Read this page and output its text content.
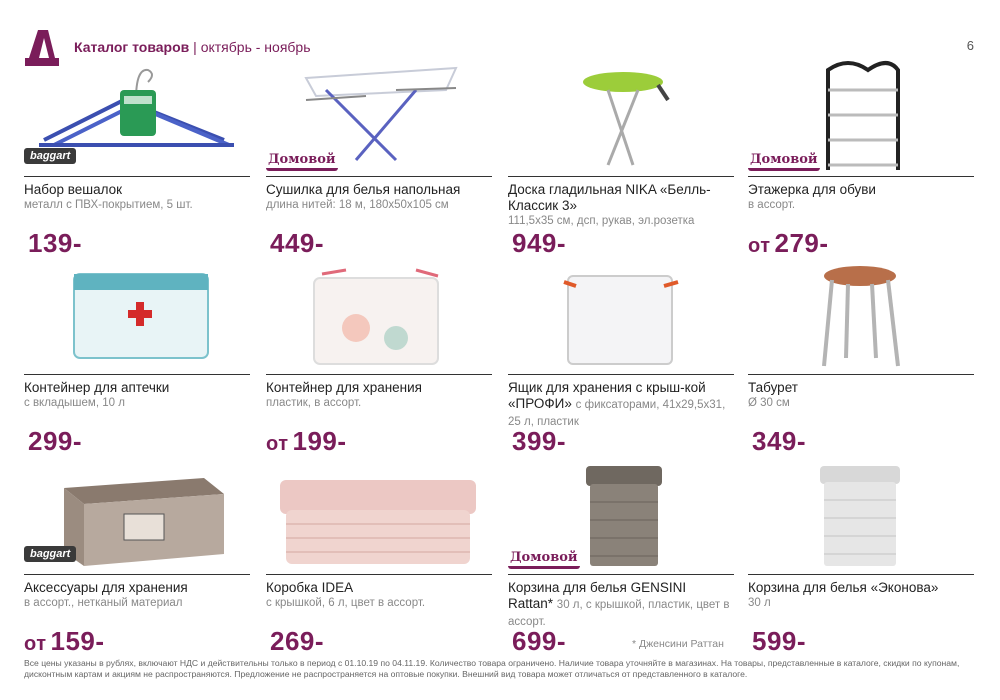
Каталог товаров | октябрь - ноябрь	6
baggart
Набор вешалок
металл с ПВХ-покрытием, 5 шт.
139-
Домовой
Сушилка для белья напольная
длина нитей: 18 м, 180х50х105 см
449-
Доска гладильная NIKA «Белль-Классик 3»
111,5х35 см, дсп, рукав, эл.розетка
949-
Домовой
Этажерка для обуви
в ассорт.
от 279-
Контейнер для аптечки
с вкладышем, 10 л
299-
Контейнер для хранения
пластик, в ассорт.
от 199-
Ящик для хранения с крыш-кой «ПРОФИ» с фиксаторами, 41х29,5х31, 25 л, пластик
399-
Табурет
Ø 30 см
349-
baggart
Аксессуары для хранения
в ассорт., нетканый материал
от 159-
Коробка IDEA
с крышкой, 6 л, цвет в ассорт.
269-
Домовой
Корзина для белья GENSINI Rattan* 30 л, с крышкой, пластик, цвет в ассорт.
699-
Корзина для белья «Эконова»
30 л
599-
* Дженсини Раттан
Все цены указаны в рублях, включают НДС и действительны только в период с 01.10.19 по 04.11.19. Количество товара ограничено. Наличие товара уточняйте в магазинах. На товары, представленные в каталоге, скидки по купонам, дисконтным картам и акциям не распространяются. Предложение не распространяется на оптовые покупки. Внешний вид товара может отличаться от представленного в каталоге.
